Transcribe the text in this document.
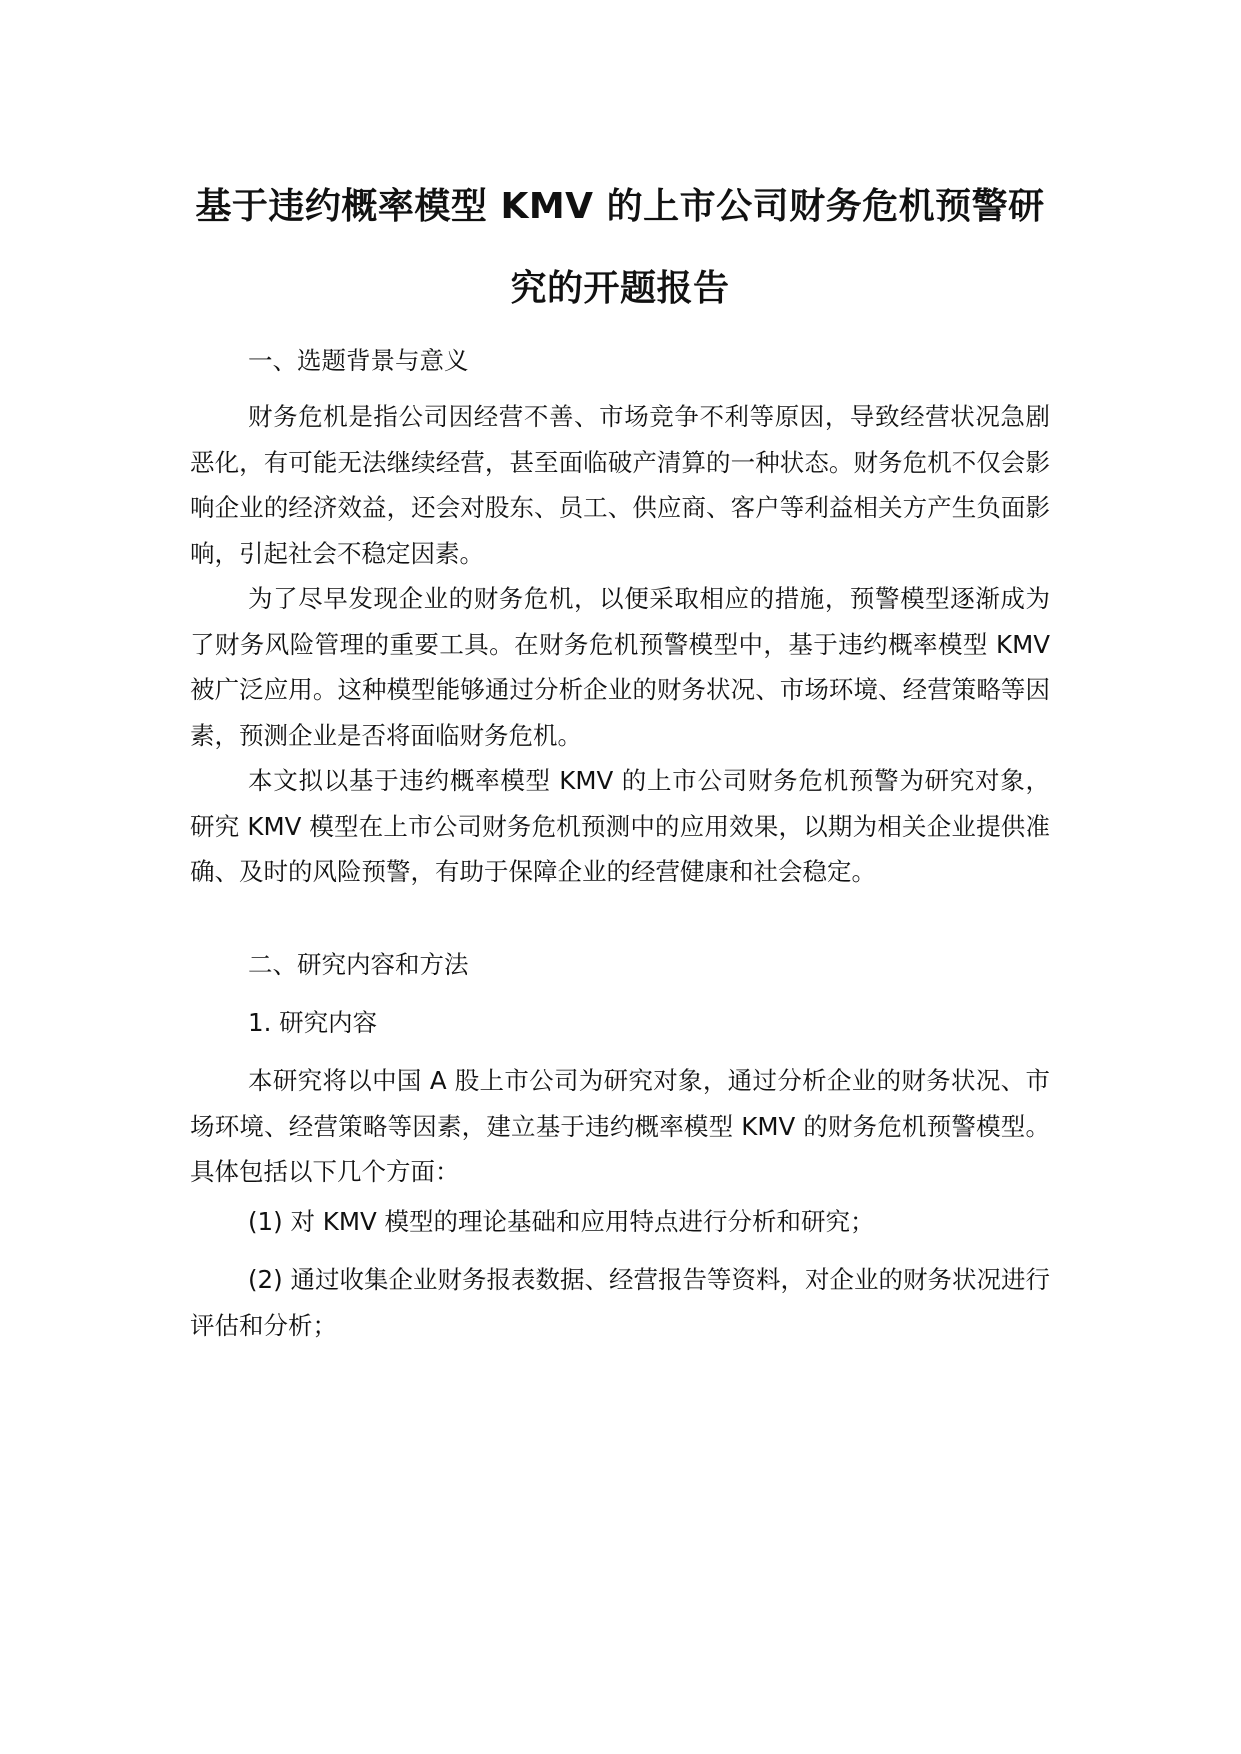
基于违约概率模型 KMV 的上市公司财务危机预警研
究的开题报告

一、选题背景与意义

财务危机是指公司因经营不善、市场竞争不利等原因，导致经营状况急剧恶化，有可能无法继续经营，甚至面临破产清算的一种状态。财务危机不仅会影响企业的经济效益，还会对股东、员工、供应商、客户等利益相关方产生负面影响，引起社会不稳定因素。

为了尽早发现企业的财务危机，以便采取相应的措施，预警模型逐渐成为了财务风险管理的重要工具。在财务危机预警模型中，基于违约概率模型 KMV 被广泛应用。这种模型能够通过分析企业的财务状况、市场环境、经营策略等因素，预测企业是否将面临财务危机。

本文拟以基于违约概率模型 KMV 的上市公司财务危机预警为研究对象，研究 KMV 模型在上市公司财务危机预测中的应用效果，以期为相关企业提供准确、及时的风险预警，有助于保障企业的经营健康和社会稳定。

二、研究内容和方法

1. 研究内容

本研究将以中国 A 股上市公司为研究对象，通过分析企业的财务状况、市场环境、经营策略等因素，建立基于违约概率模型 KMV 的财务危机预警模型。具体包括以下几个方面：

(1) 对 KMV 模型的理论基础和应用特点进行分析和研究；

(2) 通过收集企业财务报表数据、经营报告等资料，对企业的财务状况进行评估和分析；
